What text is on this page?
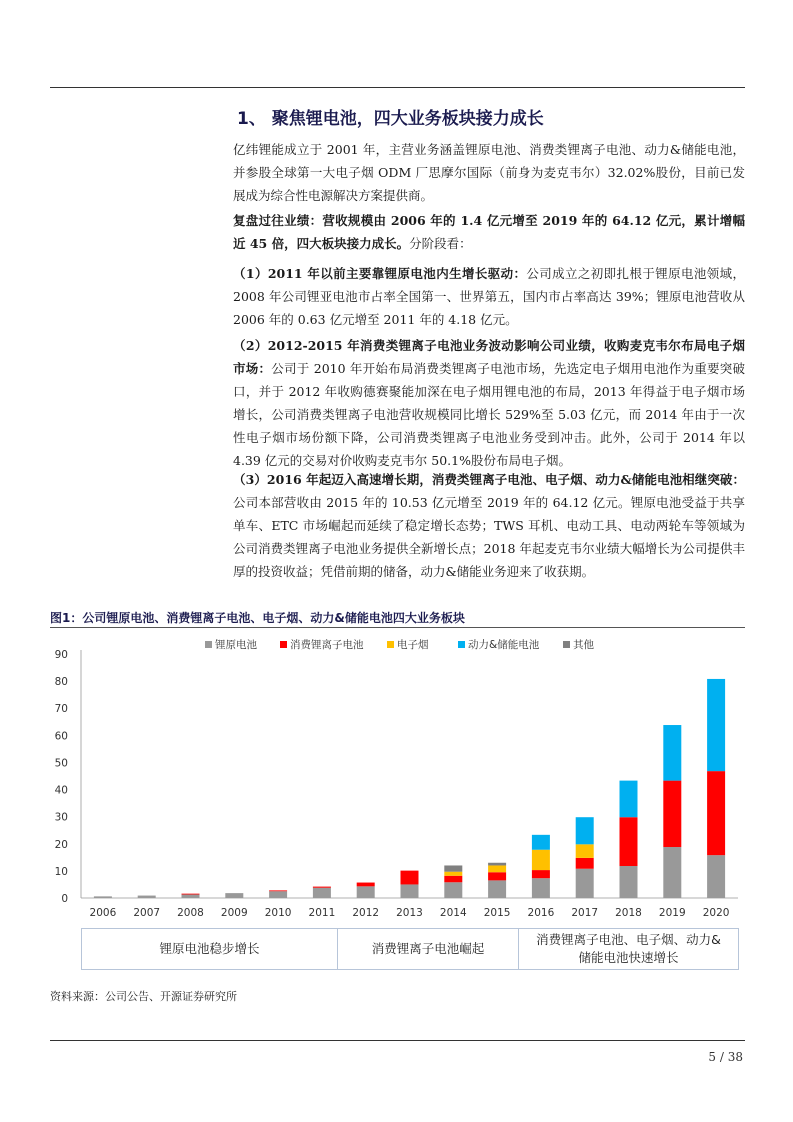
1、 聚焦锂电池，四大业务板块接力成长
亿纬锂能成立于 2001 年，主营业务涵盖锂原电池、消费类锂离子电池、动力&储能电池，并参股全球第一大电子烟 ODM 厂思摩尔国际（前身为麦克韦尔）32.02%股份，目前已发展成为综合性电源解决方案提供商。
复盘过往业绩：营收规模由 2006 年的 1.4 亿元增至 2019 年的 64.12 亿元，累计增幅近 45 倍，四大板块接力成长。分阶段看：
（1）2011 年以前主要靠锂原电池内生增长驱动：公司成立之初即扎根于锂原电池领域，2008 年公司锂亚电池市占率全国第一、世界第五，国内市占率高达 39%；锂原电池营收从 2006 年的 0.63 亿元增至 2011 年的 4.18 亿元。
（2）2012-2015 年消费类锂离子电池业务波动影响公司业绩，收购麦克韦尔布局电子烟市场：公司于 2010 年开始布局消费类锂离子电池市场，先选定电子烟用电池作为重要突破口，并于 2012 年收购德赛聚能加深在电子烟用锂电池的布局，2013 年得益于电子烟市场增长，公司消费类锂离子电池营收规模同比增长 529%至 5.03 亿元，而 2014 年由于一次性电子烟市场份额下降，公司消费类锂离子电池业务受到冲击。此外，公司于 2014 年以 4.39 亿元的交易对价收购麦克韦尔 50.1%股份布局电子烟。
（3）2016 年起迈入高速增长期，消费类锂离子电池、电子烟、动力&储能电池相继突破：公司本部营收由 2015 年的 10.53 亿元增至 2019 年的 64.12 亿元。锂原电池受益于共享单车、ETC 市场崛起而延续了稳定增长态势；TWS 耳机、电动工具、电动两轮车等领域为公司消费类锂离子电池业务提供全新增长点；2018 年起麦克韦尔业绩大幅增长为公司提供丰厚的投资收益；凭借前期的储备，动力&储能业务迎来了收获期。
图1：公司锂原电池、消费锂离子电池、电子烟、动力&储能电池四大业务板块
锂原电池	消费锂离子电池	电子烟	动力&储能电池	其他
0
10
20
30
40
50
60
70
80
90
2006 2007 2008 2009 2010 2011 2012 2013 2014 2015 2016 2017 2018 2019 2020
锂原电池稳步增长	消费锂离子电池崛起
消费锂离子电池、电子烟、动力&储能电池快速增长
资料来源：公司公告、开源证券研究所
5 / 38
